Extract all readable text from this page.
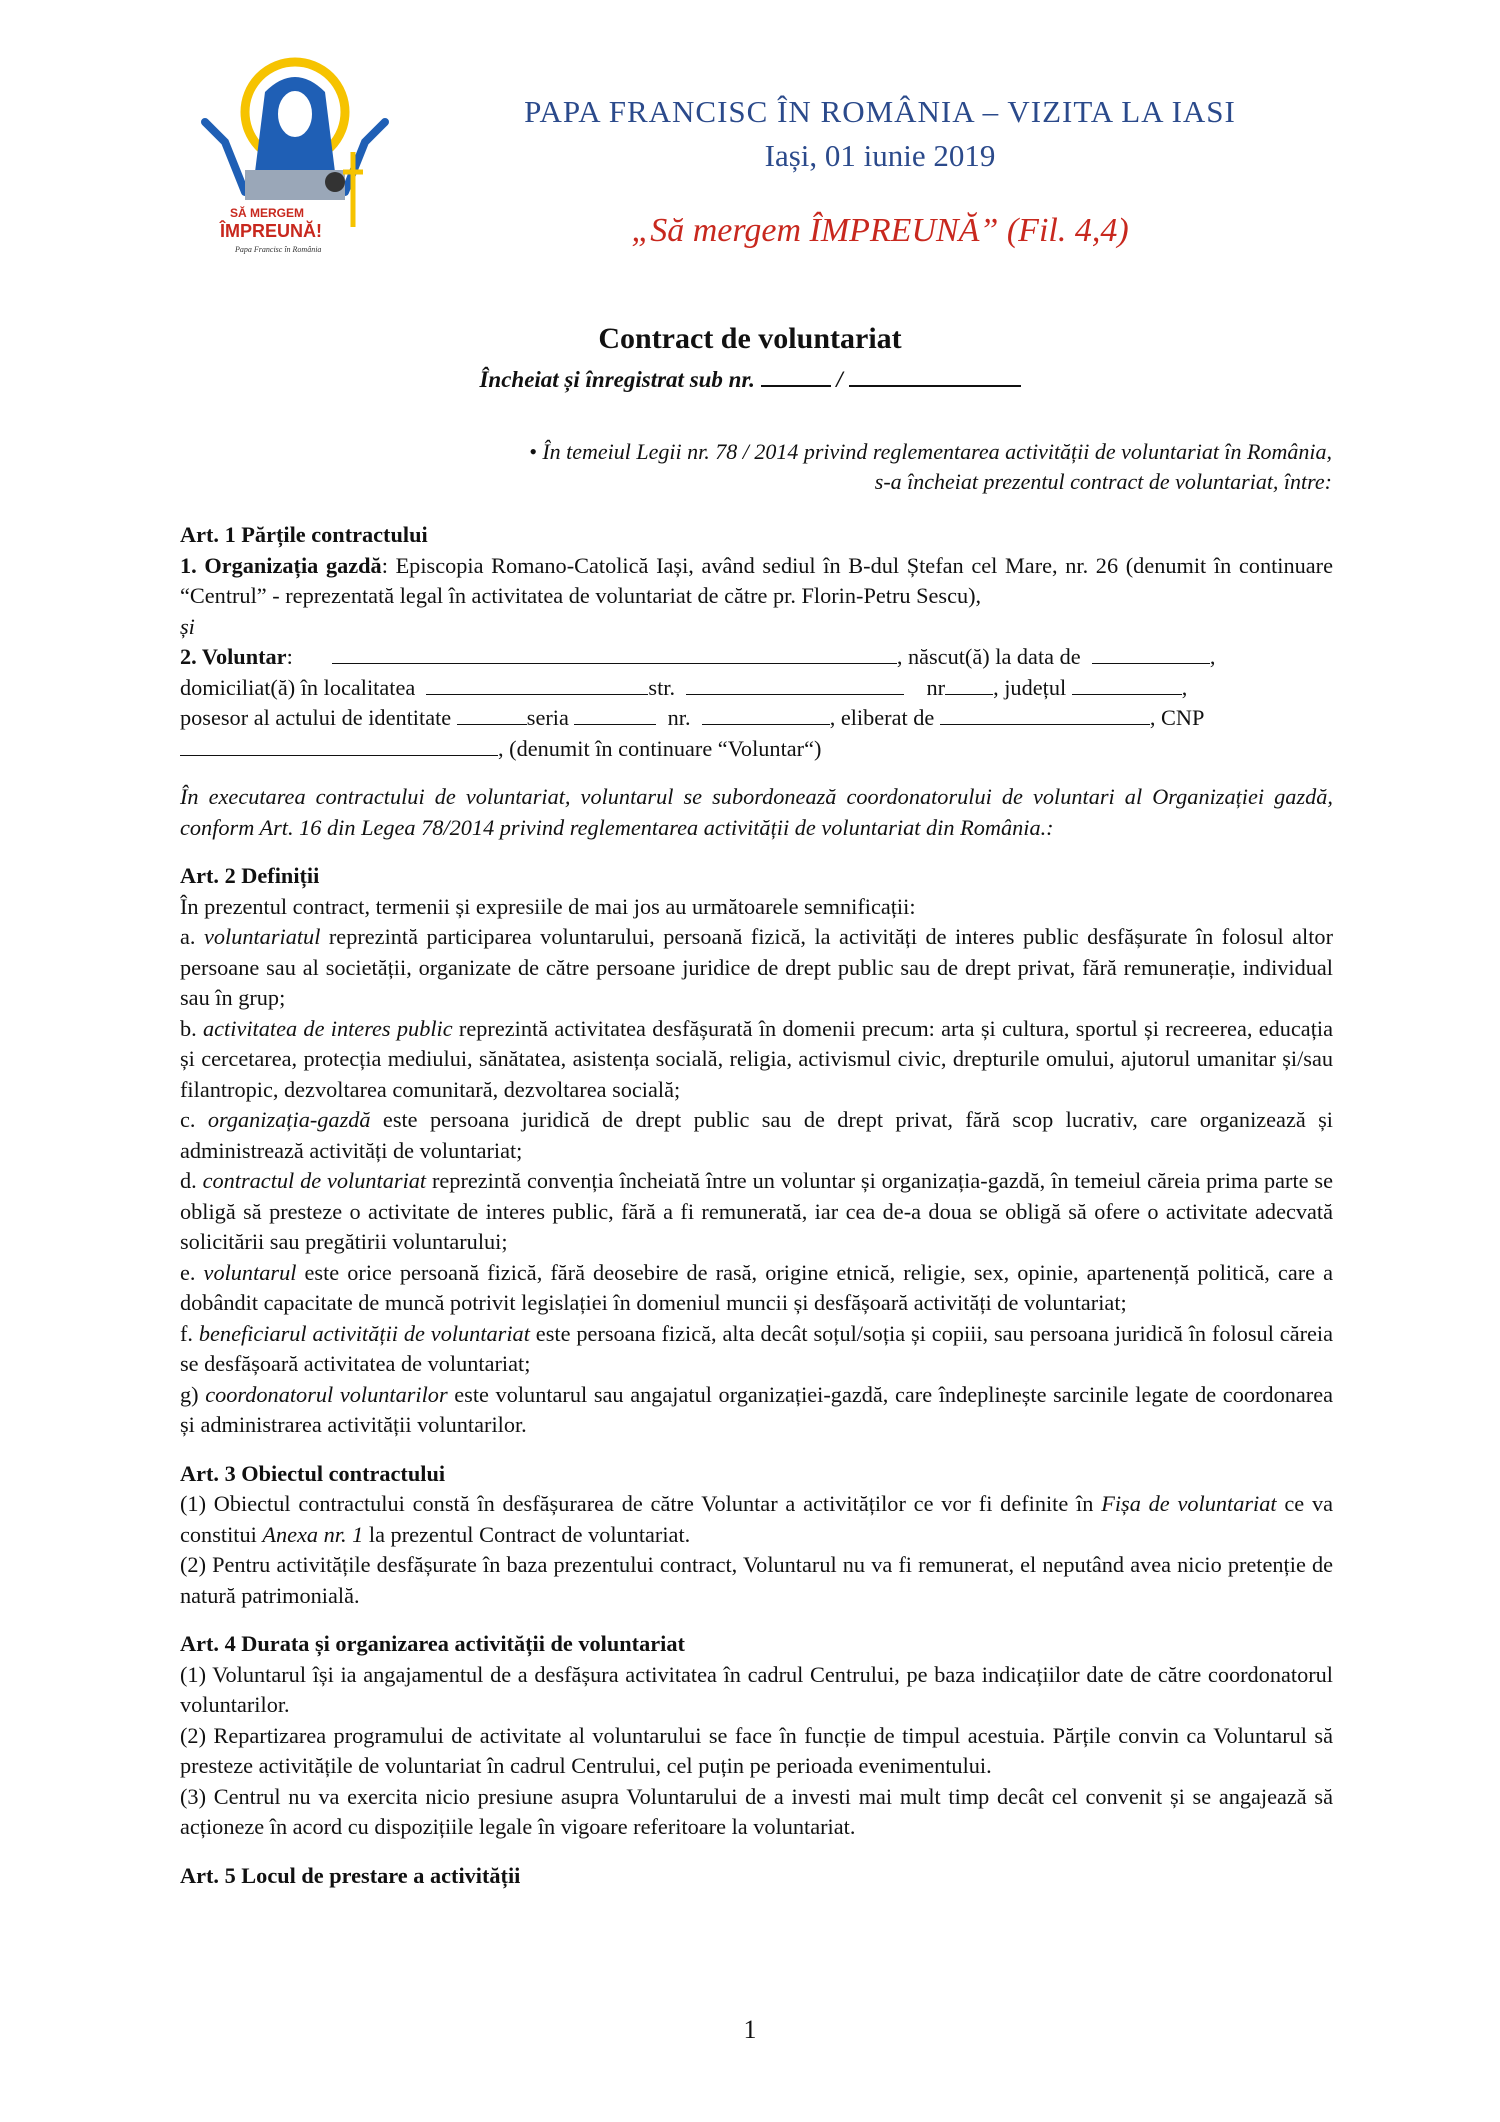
SĂ MERGEM
ÎMPREUNĂ!
Papa Francisc în România
PAPA FRANCISC ÎN ROMÂNIA – VIZITA LA IASI
Iași, 01 iunie 2019
„Să mergem ÎMPREUNĂ” (Fil. 4,4)
Contract de voluntariat
Încheiat și înregistrat sub nr.	/
• În temeiul Legii nr. 78 / 2014 privind reglementarea activității de voluntariat în România,
s-a încheiat prezentul contract de voluntariat, între:

Art. 1 Părțile contractului

1. Organizația gazdă: Episcopia Romano-Catolică Iași, având sediul în B-dul Ștefan cel Mare, nr. 26 (denumit în continuare “Centrul” - reprezentată legal în activitatea de voluntariat de către pr. Florin-Petru Sescu),

și

2. Voluntar:	, născut(ă) la data de	,

domiciliat(ă) în localitatea	str.	nr , județul	,

posesor al actului de identitate	seria	nr.	, eliberat de	, CNP

, (denumit în continuare “Voluntar“)

În executarea contractului de voluntariat, voluntarul se subordonează coordonatorului de voluntari al Organizației gazdă, conform Art. 16 din Legea 78/2014 privind reglementarea activității de voluntariat din România.:

Art. 2 Definiții

În prezentul contract, termenii și expresiile de mai jos au următoarele semnificații:

a. voluntariatul reprezintă participarea voluntarului, persoană fizică, la activități de interes public desfășurate în folosul altor persoane sau al societății, organizate de către persoane juridice de drept public sau de drept privat, fără remunerație, individual sau în grup;

b. activitatea de interes public reprezintă activitatea desfășurată în domenii precum: arta și cultura, sportul și recreerea, educația și cercetarea, protecția mediului, sănătatea, asistența socială, religia, activismul civic, drepturile omului, ajutorul umanitar și/sau filantropic, dezvoltarea comunitară, dezvoltarea socială;

c. organizația-gazdă este persoana juridică de drept public sau de drept privat, fără scop lucrativ, care organizează și administrează activități de voluntariat;

d. contractul de voluntariat reprezintă convenția încheiată între un voluntar și organizația-gazdă, în temeiul căreia prima parte se obligă să presteze o activitate de interes public, fără a fi remunerată, iar cea de-a doua se obligă să ofere o activitate adecvată solicitării sau pregătirii voluntarului;

e. voluntarul este orice persoană fizică, fără deosebire de rasă, origine etnică, religie, sex, opinie, apartenență politică, care a dobândit capacitate de muncă potrivit legislației în domeniul muncii și desfășoară activități de voluntariat;

f. beneficiarul activității de voluntariat este persoana fizică, alta decât soțul/soția și copiii, sau persoana juridică în folosul căreia se desfășoară activitatea de voluntariat;

g) coordonatorul voluntarilor este voluntarul sau angajatul organizației-gazdă, care îndeplinește sarcinile legate de coordonarea și administrarea activității voluntarilor.

Art. 3 Obiectul contractului

(1) Obiectul contractului constă în desfășurarea de către Voluntar a activităților ce vor fi definite în Fișa de voluntariat ce va constitui Anexa nr. 1 la prezentul Contract de voluntariat.

(2) Pentru activitățile desfășurate în baza prezentului contract, Voluntarul nu va fi remunerat, el neputând avea nicio pretenție de natură patrimonială.

Art. 4 Durata și organizarea activității de voluntariat

(1) Voluntarul își ia angajamentul de a desfășura activitatea în cadrul Centrului, pe baza indicațiilor date de către coordonatorul voluntarilor.

(2) Repartizarea programului de activitate al voluntarului se face în funcție de timpul acestuia. Părțile convin ca Voluntarul să presteze activitățile de voluntariat în cadrul Centrului, cel puțin pe perioada evenimentului.

(3) Centrul nu va exercita nicio presiune asupra Voluntarului de a investi mai mult timp decât cel convenit și se angajează să acționeze în acord cu dispozițiile legale în vigoare referitoare la voluntariat.

Art. 5 Locul de prestare a activității

1
